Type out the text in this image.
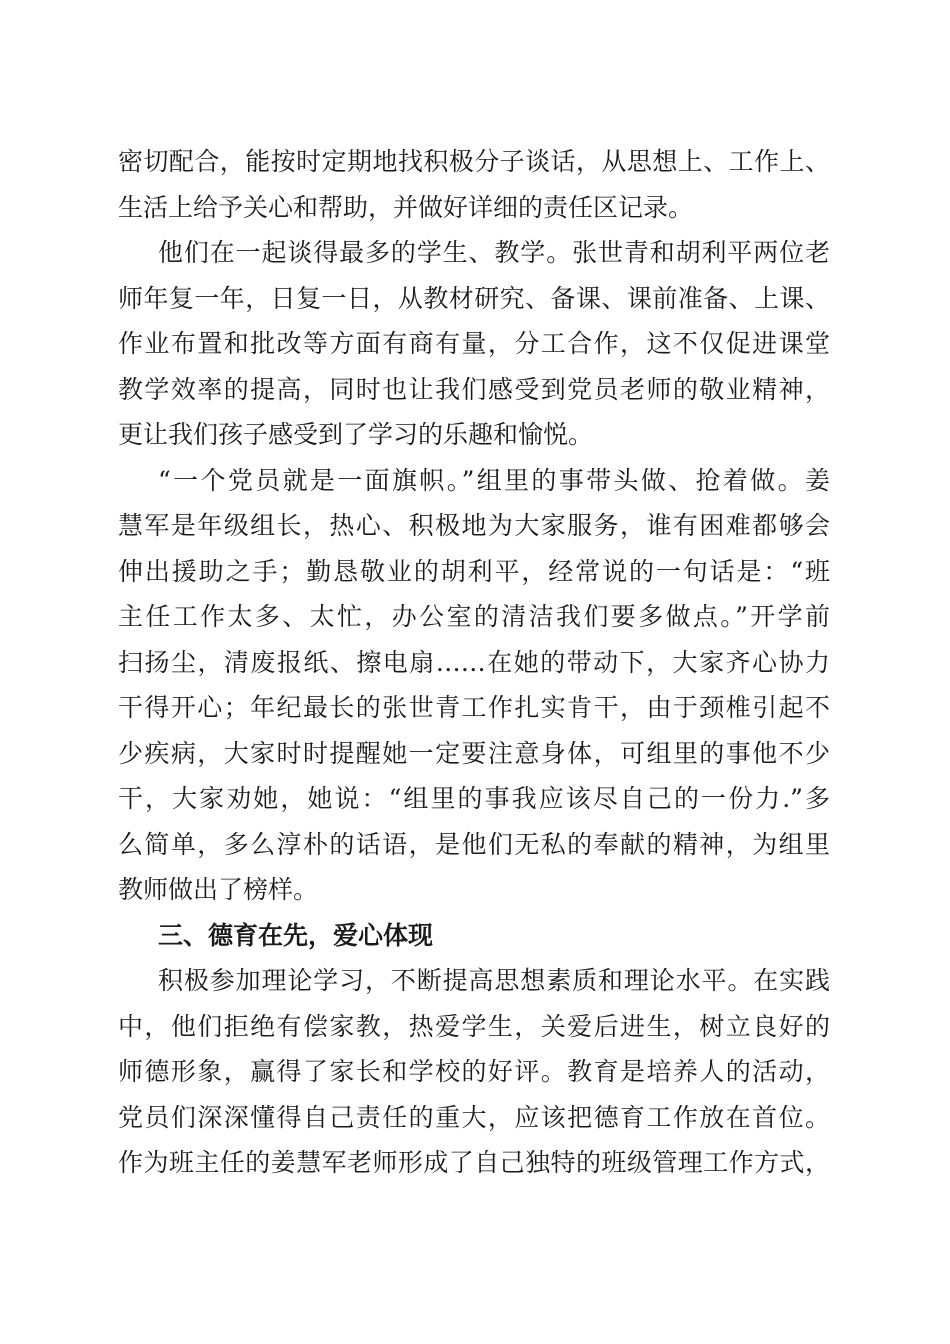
密切配合，能按时定期地找积极分子谈话，从思想上、工作上、
生活上给予关心和帮助，并做好详细的责任区记录。
他们在一起谈得最多的学生、教学。张世青和胡利平两位老
师年复一年，日复一日，从教材研究、备课、课前准备、上课、
作业布置和批改等方面有商有量，分工合作，这不仅促进课堂
教学效率的提高，同时也让我们感受到党员老师的敬业精神，
更让我们孩子感受到了学习的乐趣和愉悦。
“一个党员就是一面旗帜。”组里的事带头做、抢着做。姜
慧军是年级组长，热心、积极地为大家服务，谁有困难都够会
伸出援助之手；勤恳敬业的胡利平，经常说的一句话是：“班
主任工作太多、太忙，办公室的清洁我们要多做点。”开学前
扫扬尘，清废报纸、擦电扇……在她的带动下，大家齐心协力
干得开心；年纪最长的张世青工作扎实肯干，由于颈椎引起不
少疾病，大家时时提醒她一定要注意身体，可组里的事他不少
干，大家劝她，她说：“组里的事我应该尽自己的一份力.”多
么简单，多么淳朴的话语，是他们无私的奉献的精神，为组里
教师做出了榜样。
三、德育在先，爱心体现
积极参加理论学习，不断提高思想素质和理论水平。在实践
中，他们拒绝有偿家教，热爱学生，关爱后进生，树立良好的
师德形象，赢得了家长和学校的好评。教育是培养人的活动，
党员们深深懂得自己责任的重大，应该把德育工作放在首位。
作为班主任的姜慧军老师形成了自己独特的班级管理工作方式，
